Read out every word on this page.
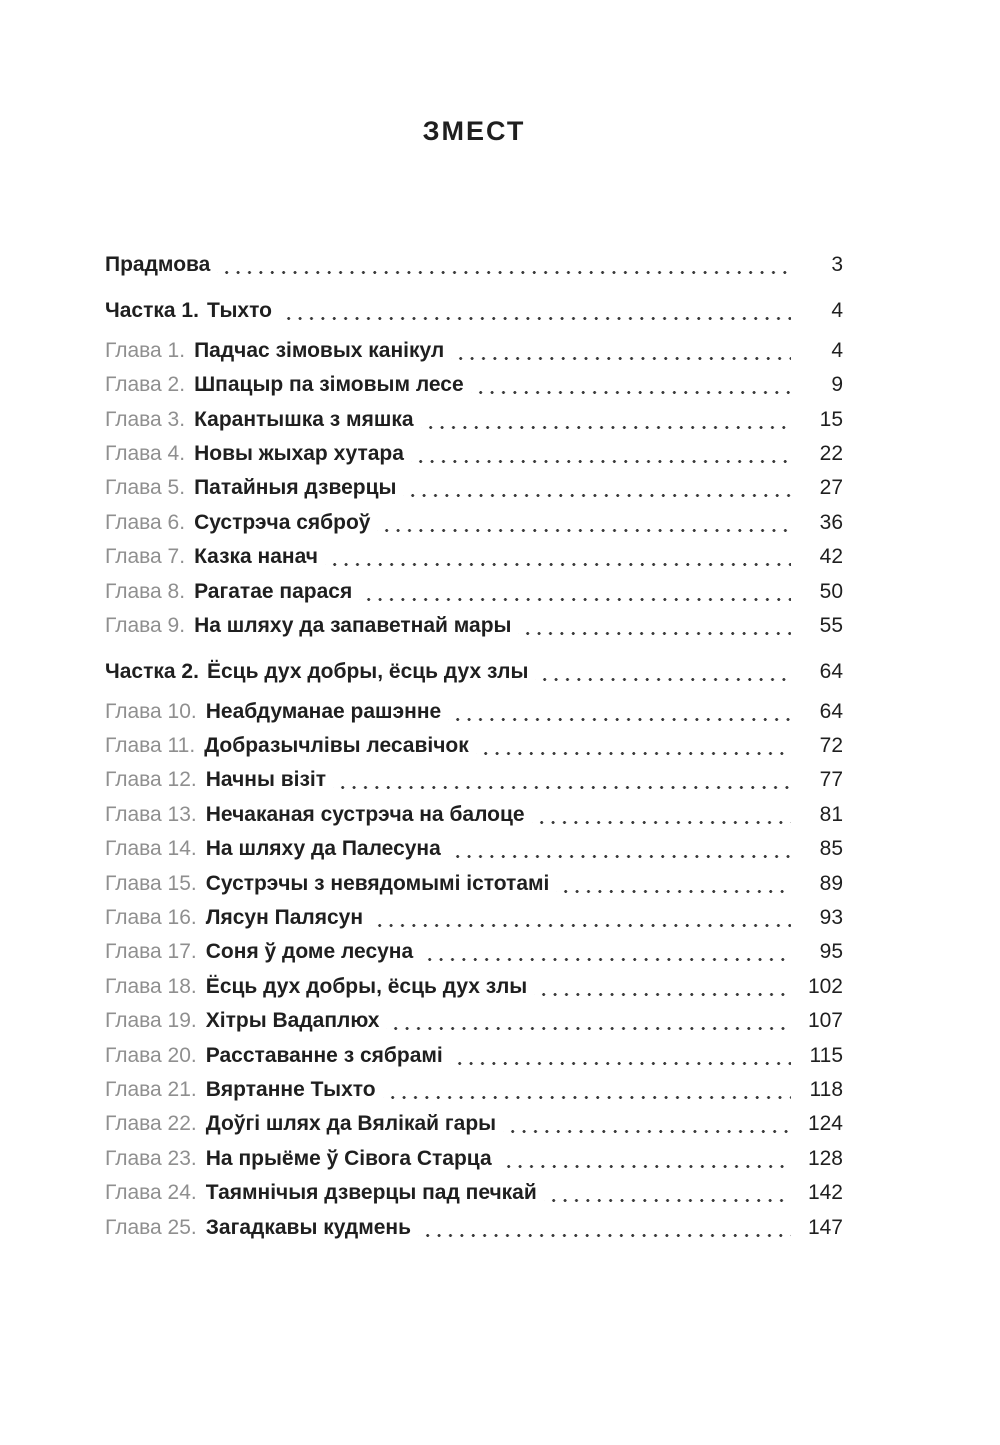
ЗМЕСТ
Прадмова	3
Частка 1. Тыхто	4
Глава 1. Падчас зімовых канікул	4
Глава 2. Шпацыр па зімовым лесе	9
Глава 3. Карантышка з мяшка	15
Глава 4. Новы жыхар хутара	22
Глава 5. Патайныя дзверцы	27
Глава 6. Сустрэча сяброў	36
Глава 7. Казка нанач	42
Глава 8. Рагатае парася	50
Глава 9. На шляху да запаветнай мары	55
Частка 2. Ёсць дух добры, ёсць дух злы	64
Глава 10. Неабдуманае рашэнне	64
Глава 11. Добразычлівы лесавічок	72
Глава 12. Начны візіт	77
Глава 13. Нечаканая сустрэча на балоце	81
Глава 14. На шляху да Палесуна	85
Глава 15. Сустрэчы з невядомымі істотамі	89
Глава 16. Лясун Палясун	93
Глава 17. Соня ў доме лесуна	95
Глава 18. Ёсць дух добры, ёсць дух злы	102
Глава 19. Хітры Вадаплюх	107
Глава 20. Расставанне з сябрамі	115
Глава 21. Вяртанне Тыхто	118
Глава 22. Доўгі шлях да Вялікай гары	124
Глава 23. На прыёме ў Сівога Старца	128
Глава 24. Таямнічыя дзверцы пад печкай	142
Глава 25. Загадкавы кудмень	147
